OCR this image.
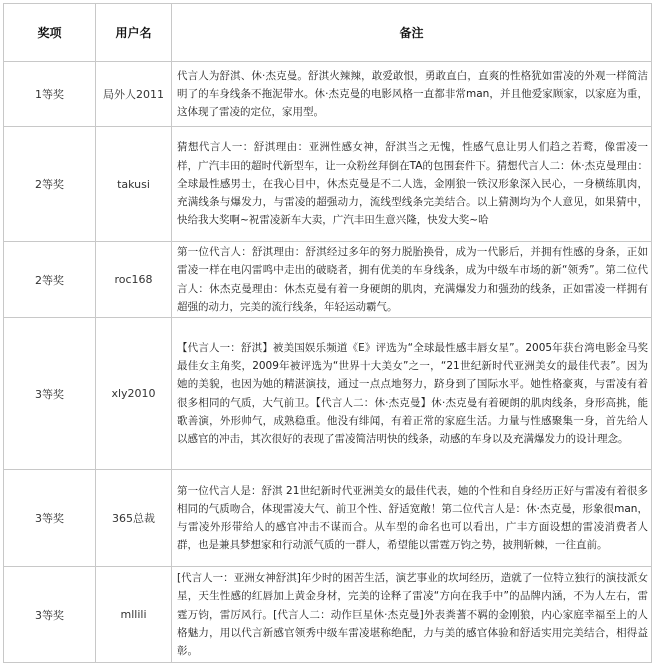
奖项	用户名	备注
1等奖	局外人2011	代言人为舒淇、休·杰克曼。舒淇火辣辣，敢爱敢恨，勇敢直白，直爽的性格犹如雷凌的外观一样简洁明了的车身线条不拖泥带水。休·杰克曼的电影风格一直都非常man，并且他爱家顾家，以家庭为重，这体现了雷凌的定位，家用型。
2等奖	takusi	猜想代言人一：舒淇理由：亚洲性感女神，舒淇当之无愧，性感气息让男人们趋之若鹜，像雷凌一样，广汽丰田的超时代新型车，让一众粉丝拜倒在TA的包围套件下。猜想代言人二：休·杰克曼理由：全球最性感男士，在我心目中，休杰克曼是不二人选，金刚狼一铁汉形象深入民心，一身横练肌肉，充满线条与爆发力，与雷凌的超强动力，流线型线条完美结合。以上猜测均为个人意见，如果猜中，快给我大奖啊~祝雷凌新车大卖，广汽丰田生意兴隆，快发大奖~哈
2等奖	roc168	第一位代言人：舒淇理由：舒淇经过多年的努力脱胎换骨，成为一代影后，并拥有性感的身条，正如雷凌一样在电闪雷鸣中走出的破晓者，拥有优美的车身线条，成为中级车市场的新“领秀”。第二位代言人：休杰克曼理由：休杰克曼有着一身硬朗的肌肉，充满爆发力和强劲的线条，正如雷凌一样拥有超强的动力，完美的流行线条，年轻运动霸气。
3等奖	xly2010	【代言人一：舒淇】被美国娱乐频道《E》评选为“全球最性感丰唇女星”。2005年获台湾电影金马奖最佳女主角奖，2009年被评选为“世界十大美女”之一，“21世纪新时代亚洲美女的最佳代表”。因为她的美貌，也因为她的精湛演技，通过一点点地努力，跻身到了国际水平。她性格豪爽，与雷凌有着很多相同的气质，大气前卫。【代言人二：休·杰克曼】休·杰克曼有着硬朗的肌肉线条，身形高挑，能歌善演，外形帅气，成熟稳重。他没有绯闻，有着正常的家庭生活。力量与性感聚集一身，首先给人以感官的冲击，其次很好的表现了雷凌简洁明快的线条，动感的车身以及充满爆发力的设计理念。
3等奖	365总裁	第一位代言人是：舒淇 21世纪新时代亚洲美女的最佳代表，她的个性和自身经历正好与雷凌有着很多相同的气质吻合，体现雷凌大气、前卫个性、舒适宽敞！第二位代言人是：休·杰克曼，形象很man，与雷凌外形带给人的感官冲击不谋而合。从车型的命名也可以看出，广丰方面设想的雷凌消费者人群，也是兼具梦想家和行动派气质的一群人，希望能以雷霆万钧之势，披荆斩棘，一往直前。
3等奖	mllili	[代言人一：亚洲女神舒淇]年少时的困苦生活，演艺事业的坎坷经历，造就了一位特立独行的演技派女星，天生性感的红唇加上黄金身材，完美的诠释了雷凌“方向在我手中”的品牌内涵，不为人左右，雷霆万钧，雷厉风行。[代言人二：动作巨星休·杰克曼]外表粪蓍不羁的金刚狼，内心家庭幸福至上的人格魅力，用以代言新感官领秀中级车雷凌堪称绝配，力与美的感官体验和舒适实用完美结合，相得益彰。
